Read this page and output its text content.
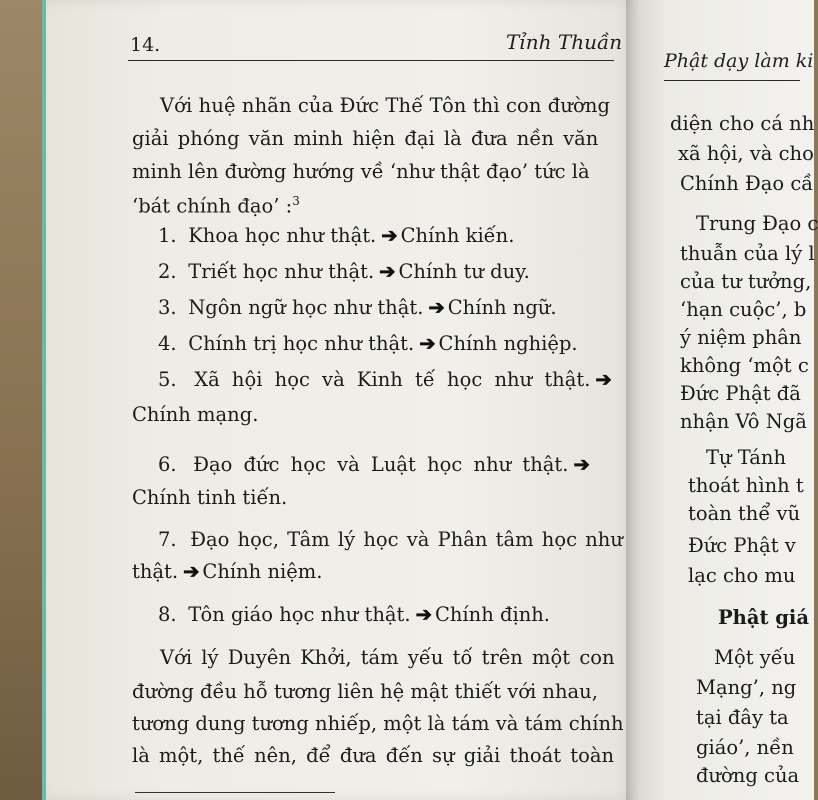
14.	Tỉnh Thuần
Với huệ nhãn của Đức Thế Tôn thì con đường
giải phóng văn minh hiện đại là đưa nền văn
minh lên đường hướng về ‘như thật đạo’ tức là
‘bát chính đạo’ :$^3$
1. Khoa học như thật. ➔ Chính kiến.
2. Triết học như thật. ➔ Chính tư duy.
3. Ngôn ngữ học như thật. ➔ Chính ngữ.
4. Chính trị học như thật. ➔ Chính nghiệp.
5. Xã hội học và Kinh tế học như thật. ➔
Chính mạng.
6. Đạo đức học và Luật học như thật. ➔
Chính tinh tiến.
7. Đạo học, Tâm lý học và Phân tâm học như
thật. ➔ Chính niệm.
8. Tôn giáo học như thật. ➔ Chính định.
Với lý Duyên Khởi, tám yếu tố trên một con
đường đều hỗ tương liên hệ mật thiết với nhau,
tương dung tương nhiếp, một là tám và tám chính
là một, thế nên, để đưa đến sự giải thoát toàn
Phật dạy làm ki
diện cho cá nh
xã hội, và cho
Chính Đạo cầ
Trung Đạo c
thuẫn của lý l
của tư tưởng,
‘hạn cuộc’, b
ý niệm phân
không ‘một c
Đức Phật đã
nhận Vô Ngã
Tự Tánh
thoát hình t
toàn thể vũ
Đức Phật v
lạc cho mu
Phật giá
Một yếu
Mạng’, ng
tại đây ta
giáo’, nền
đường của
